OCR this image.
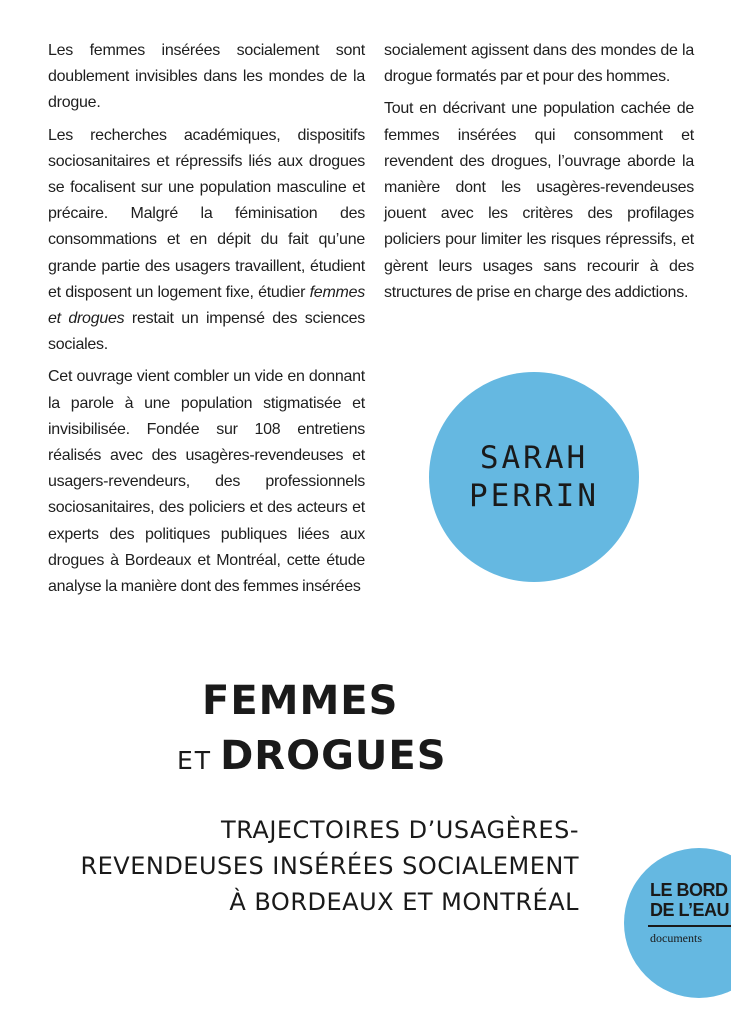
Les femmes insérées socialement sont doublement invisibles dans les mondes de la drogue.

Les recherches académiques, dispositifs sociosanitaires et répressifs liés aux drogues se focalisent sur une population masculine et précaire. Malgré la féminisation des consommations et en dépit du fait qu’une grande partie des usagers travaillent, étudient et disposent un logement fixe, étudier femmes et drogues restait un impensé des sciences sociales.

Cet ouvrage vient combler un vide en donnant la parole à une population stigmatisée et invisibilisée. Fondée sur 108 entretiens réalisés avec des usagères-revendeuses et usagers-revendeurs, des professionnels sociosanitaires, des policiers et des acteurs et experts des politiques publiques liées aux drogues à Bordeaux et Montréal, cette étude analyse la manière dont des femmes insérées

socialement agissent dans des mondes de la drogue formatés par et pour des hommes.

Tout en décrivant une population cachée de femmes insérées qui consomment et revendent des drogues, l’ouvrage aborde la manière dont les usagères-revendeuses jouent avec les critères des profilages policiers pour limiter les risques répressifs, et gèrent leurs usages sans recourir à des structures de prise en charge des addictions.

SARAH
PERRIN
FEMMES
ET DROGUES
TRAJECTOIRES D’USAGÈRES-
REVENDEUSES INSÉRÉES SOCIALEMENT
À BORDEAUX ET MONTRÉAL	LE BORD
DE L’EAU
documents
